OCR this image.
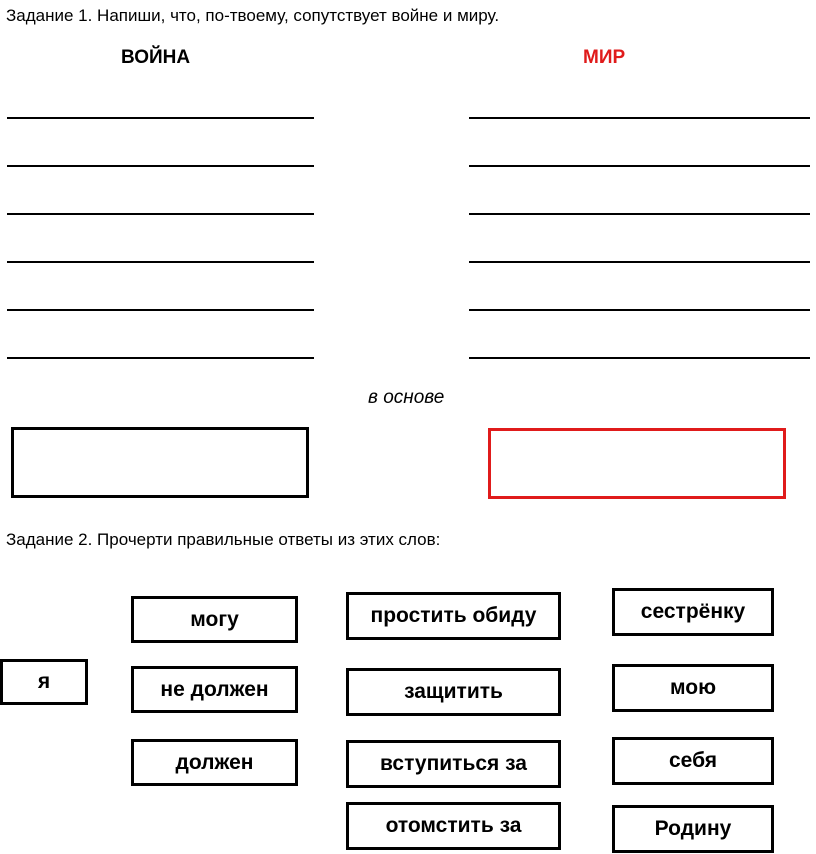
Задание 1. Напиши, что, по-твоему, сопутствует войне и миру.
ВОЙНА	МИР
в основе
Задание 2. Прочерти правильные ответы из этих слов:
я
могу
не должен
должен
простить обиду
защитить
вступиться за
отомстить за
сестрёнку
мою
себя
Родину
